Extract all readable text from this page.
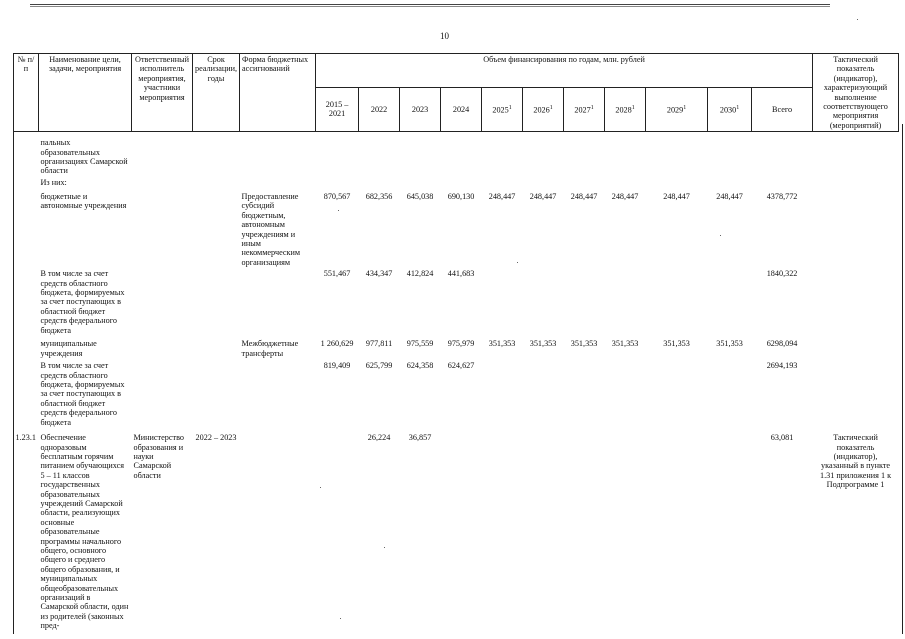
10
№ п/п	Наименование цели, задачи, мероприятия	Ответственный исполнитель мероприятия, участники мероприятия	Срок реализации, годы	Форма бюджетных ассигнований	Объем финансирования по годам, млн. рублей											Тактический показатель (индикатор), характеризующий выполнение соответствующего мероприятия (мероприятий)
					2015 – 2021	2022	2023	2024	2025$^1$	2026$^1$	2027$^1$	2028$^1$	2029$^1$	2030$^1$	Всего	
	пальных образовательных организациях Самарской области															
	Из них:															
	бюджетные и автономные учреждения			Предоставление субсидий бюджетным, автономным учреждениям и иным некоммерческим организациям	870,567	682,356	645,038	690,130	248,447	248,447	248,447	248,447	248,447	248,447	4378,772	
	В том числе за счет средств областного бюджета, формируемых за счет поступающих в областной бюджет средств федерального бюджета				551,467	434,347	412,824	441,683							1840,322	
	муниципальные учреждения			Межбюджетные трансферты	1 260,629	977,811	975,559	975,979	351,353	351,353	351,353	351,353	351,353	351,353	6298,094	
	В том числе за счет средств областного бюджета, формируемых за счет поступающих в областной бюджет средств федерального бюджета				819,409	625,799	624,358	624,627							2694,193	
1.23.1	Обеспечение одноразовым бесплатным горячим питанием обучающихся 5 – 11 классов государственных образовательных учреждений Самарской области, реализующих основные образовательные программы начального общего, основного общего и среднего общего образования, и муниципальных общеобразовательных организаций в Самарской области, один из родителей (законных пред-	Министерство образования и науки Самарской области	2022 – 2023			26,224	36,857								63,081	Тактический показатель (индикатор), указанный в пункте 1.31 приложения 1 к Подпрограмме 1
